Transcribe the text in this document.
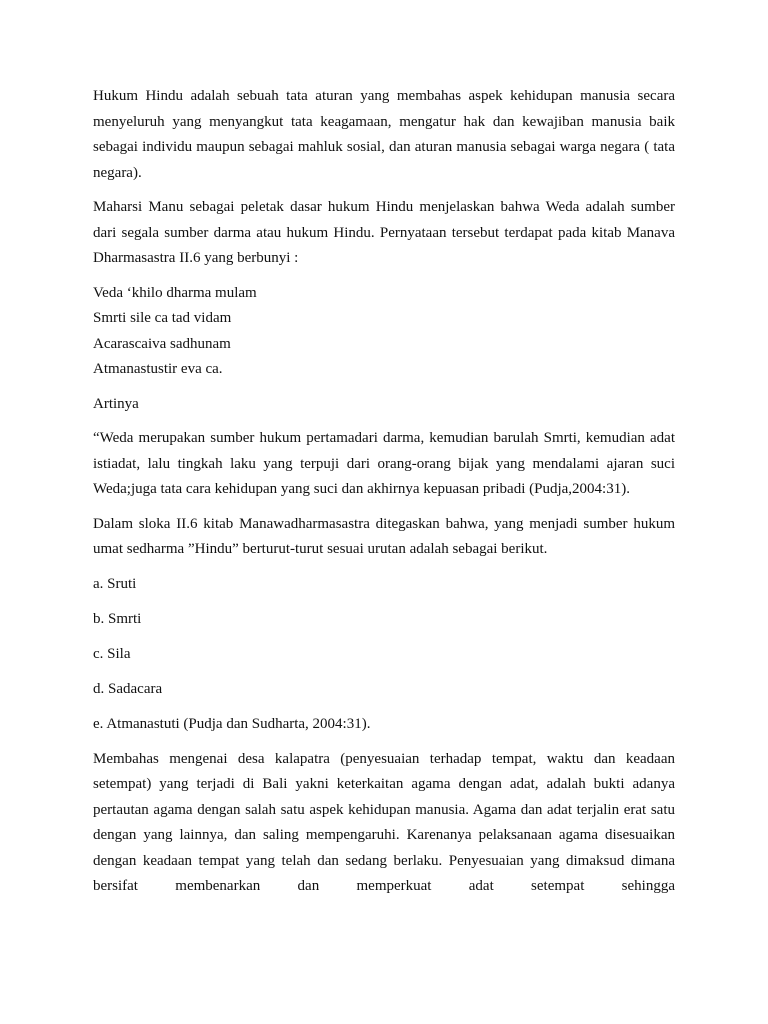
Hukum Hindu adalah sebuah tata aturan yang membahas aspek kehidupan manusia secara menyeluruh yang menyangkut tata keagamaan, mengatur hak dan kewajiban manusia baik sebagai individu maupun sebagai mahluk sosial, dan aturan manusia sebagai warga negara ( tata negara).

Maharsi Manu sebagai peletak dasar hukum Hindu menjelaskan bahwa Weda adalah sumber dari segala sumber darma atau hukum Hindu. Pernyataan tersebut terdapat pada kitab Manava Dharmasastra II.6 yang berbunyi :

Veda ‘khilo dharma mulam

Smrti sile ca tad vidam

Acarascaiva sadhunam

Atmanastustir eva ca.

Artinya

“Weda merupakan sumber hukum pertamadari darma, kemudian barulah Smrti, kemudian adat istiadat, lalu tingkah laku yang terpuji dari orang-orang bijak yang mendalami ajaran suci Weda;juga tata cara kehidupan yang suci dan akhirnya kepuasan pribadi (Pudja,2004:31).

Dalam sloka II.6 kitab Manawadharmasastra ditegaskan bahwa, yang menjadi sumber hukum umat sedharma ”Hindu” berturut-turut sesuai urutan adalah sebagai berikut.

a. Sruti

b. Smrti

c. Sila

d. Sadacara

e. Atmanastuti (Pudja dan Sudharta, 2004:31).

Membahas mengenai desa kalapatra (penyesuaian terhadap tempat, waktu dan keadaan setempat) yang terjadi di Bali yakni keterkaitan agama dengan adat, adalah bukti adanya pertautan agama dengan salah satu aspek kehidupan manusia. Agama dan adat terjalin erat satu dengan yang lainnya, dan saling mempengaruhi. Karenanya pelaksanaan agama disesuaikan dengan keadaan tempat yang telah dan sedang berlaku. Penyesuaian yang dimaksud dimana bersifat membenarkan dan memperkuat adat setempat sehingga
